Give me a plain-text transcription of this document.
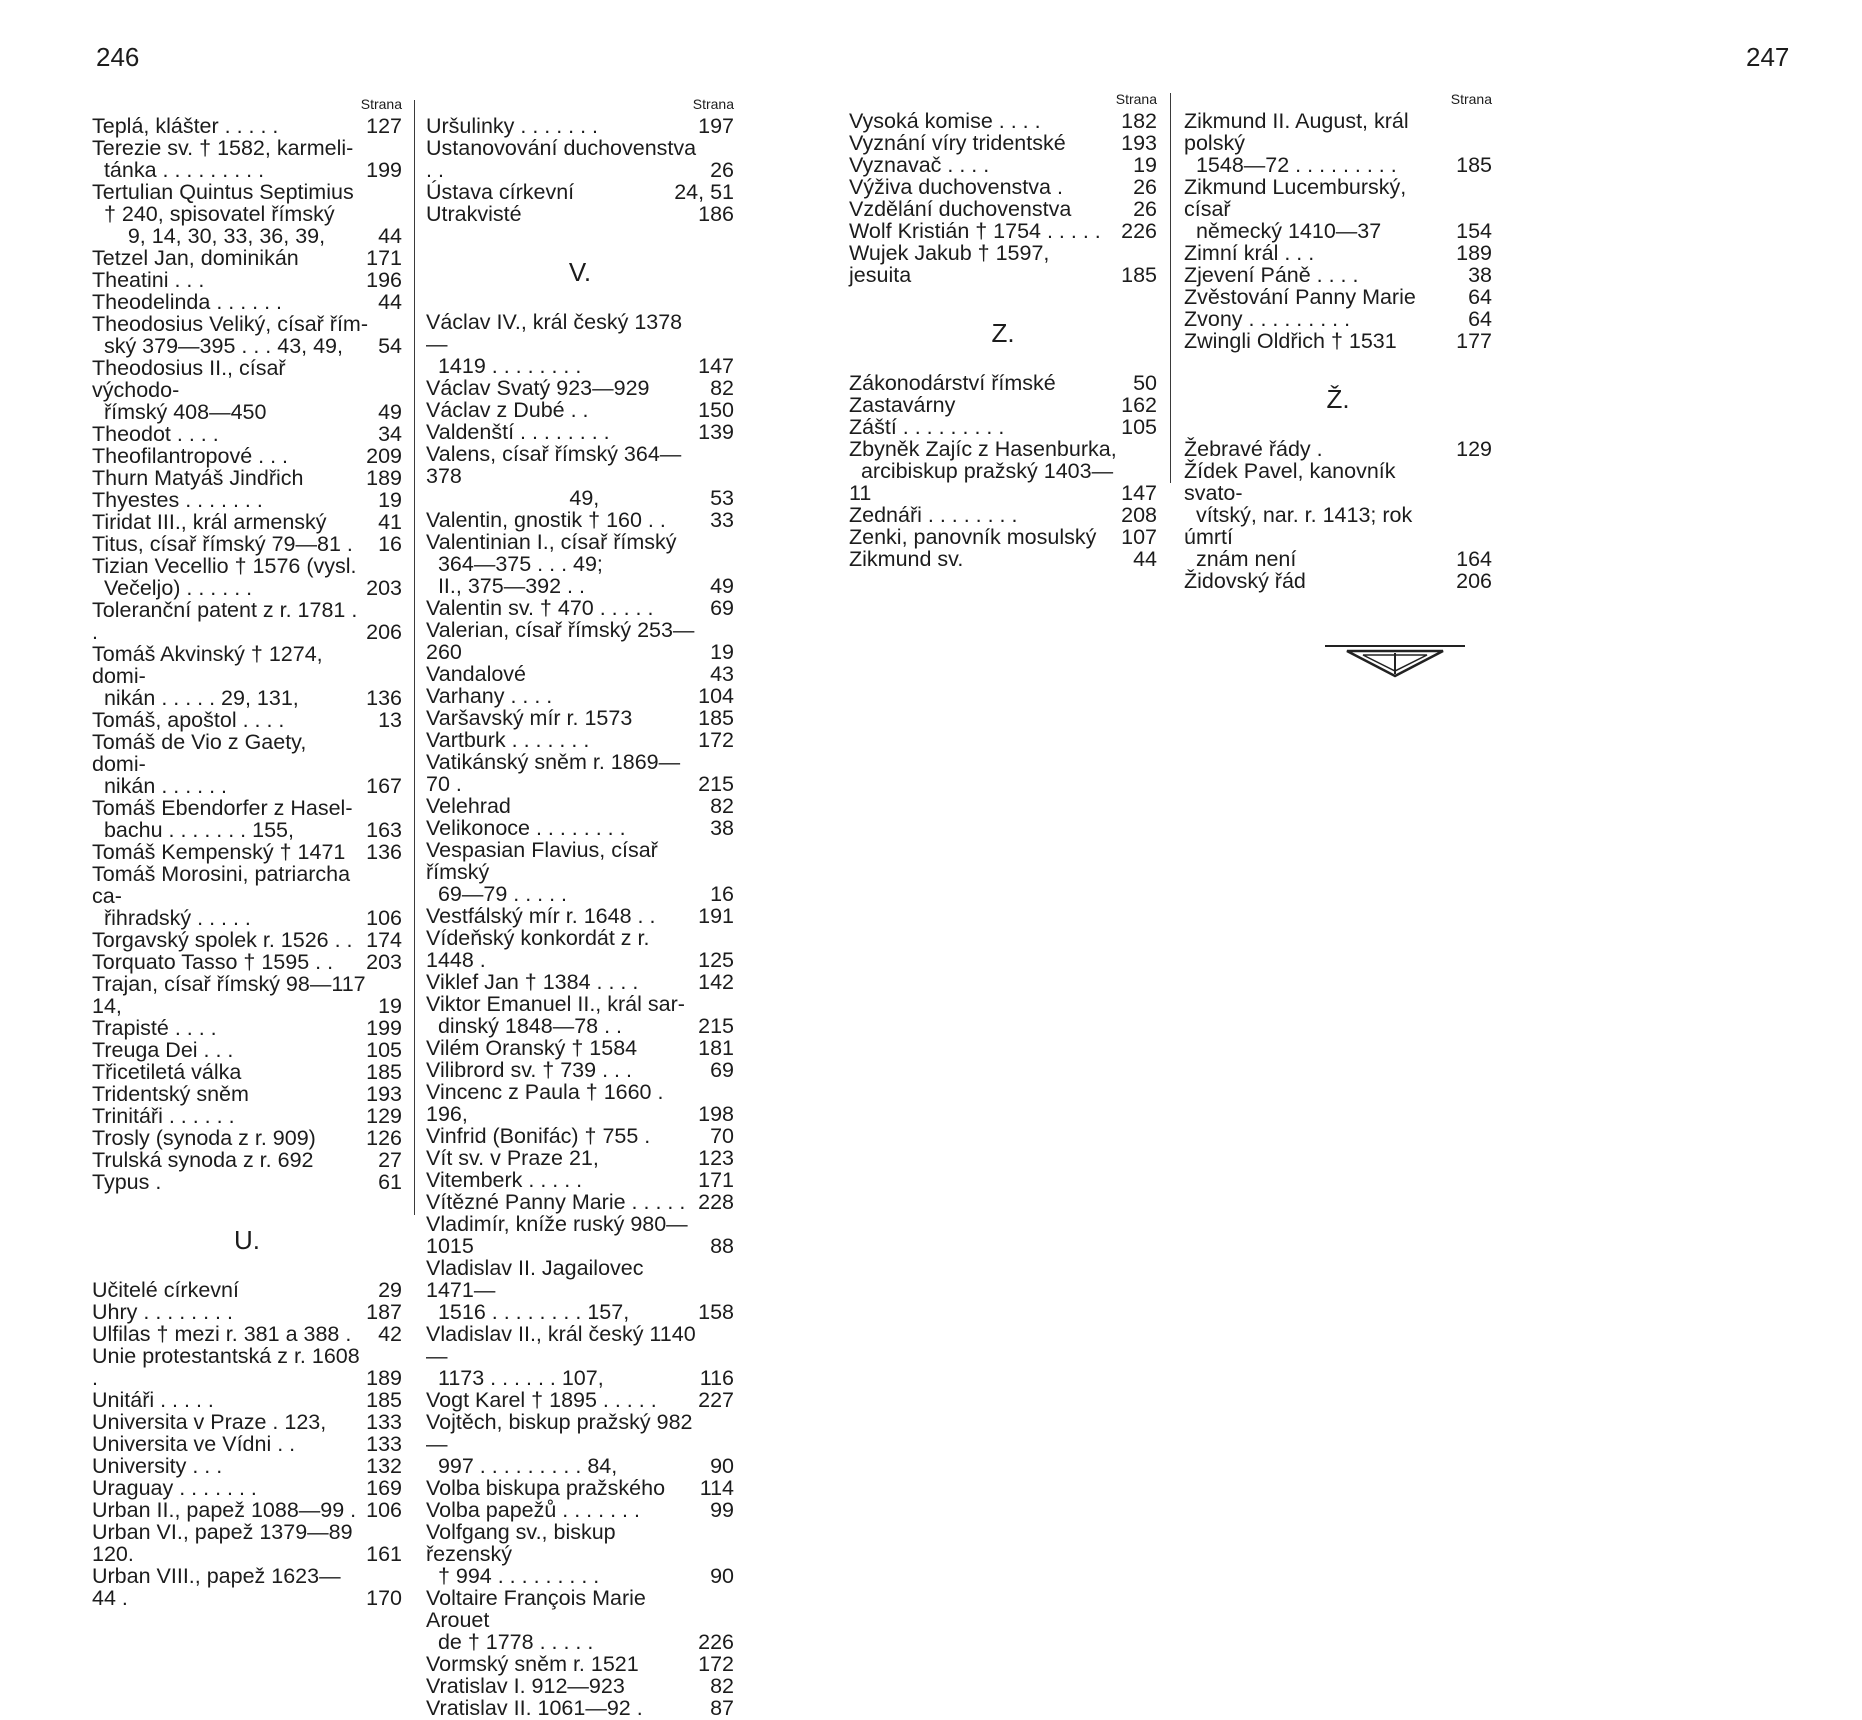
246	247
Strana
Teplá, klášter . . . . .	127
Terezie sv. † 1582, karmeli-
tánka . . . . . . . . .	199
Tertulian Quintus Septimius
† 240, spisovatel římský
9, 14, 30, 33, 36, 39,	44
Tetzel Jan, dominikán	171
Theatini . . .	196
Theodelinda . . . . . .	44
Theodosius Veliký, císař řím-
ský 379—395 . . . 43, 49,	54
Theodosius II., císař východo-
římský 408—450	49
Theodot . . . .	34
Theofilantropové . . .	209
Thurn Matyáš Jindřich	189
Thyestes . . . . . . .	19
Tiridat III., král armenský	41
Titus, císař římský 79—81 .	16
Tizian Vecellio † 1576 (vysl.
Večeljo) . . . . . .	203
Toleranční patent z r. 1781 . .	206
Tomáš Akvinský † 1274, domi-
nikán . . . . . 29, 131,	136
Tomáš, apoštol . . . .	13
Tomáš de Vio z Gaety, domi-
nikán . . . . . .	167
Tomáš Ebendorfer z Hasel-
bachu . . . . . . . 155,	163
Tomáš Kempenský † 1471 136
Tomáš Morosini, patriarcha ca-
řihradský . . . . .	106
Torgavský spolek r. 1526 . . 174
Torquato Tasso † 1595 . .	203
Trajan, císař římský 98—117 14,	19
Trapisté . . . .	199
Treuga Dei . . .	105
Třicetiletá válka	185
Tridentský sněm	193
Trinitáři . . . . . .	129
Trosly (synoda z r. 909)	126
Trulská synoda z r. 692	27
Typus .	61
U.
Učitelé církevní	29
Uhry . . . . . . . .	187
Ulfilas † mezi r. 381 a 388 .	42
Unie protestantská z r. 1608 .	189
Unitáři . . . . .	185
Universita v Praze . 123,	133
Universita ve Vídni . .	133
University . . .	132
Uraguay . . . . . . .	169
Urban II., papež 1088—99 . 106
Urban VI., papež 1379—89 120.	161
Urban VIII., papež 1623—44 .	170
Strana
Uršulinky . . . . . . .	197
Ustanovování duchovenstva . .	26
Ústava církevní	24, 51
Utrakvisté	186
V.
Václav IV., král český 1378—
1419 . . . . . . . .	147
Václav Svatý 923—929	82
Václav z Dubé . .	150
Valdenští . . . . . . . .	139
Valens, císař římský 364—378
49,	53
Valentin, gnostik † 160 . .	33
Valentinian I., císař římský
364—375 . . . 49;
II., 375—392 . .	49
Valentin sv. † 470 . . . . .	69
Valerian, císař římský 253—260	19
Vandalové	43
Varhany . . . .	104
Varšavský mír r. 1573	185
Vartburk . . . . . . .	172
Vatikánský sněm r. 1869—70 .	215
Velehrad	82
Velikonoce . . . . . . . .	38
Vespasian Flavius, císař římský
69—79 . . . . .	16
Vestfálský mír r. 1648 . .	191
Vídeňský konkordát z r. 1448 .	125
Viklef Jan † 1384 . . . .	142
Viktor Emanuel II., král sar-
dinský 1848—78 . .	215
Vilém Oranský † 1584	181
Vilibrord sv. † 739 . . .	69
Vincenc z Paula † 1660 . 196,	198
Vinfrid (Bonifác) † 755 .	70
Vít sv. v Praze 21,	123
Vitemberk . . . . .	171
Vítězné Panny Marie . . . . . 228
Vladimír, kníže ruský 980—1015	88
Vladislav II. Jagailovec 1471—
1516 . . . . . . . . 157,	158
Vladislav II., král český 1140—
1173 . . . . . . 107,	116
Vogt Karel † 1895 . . . . .	227
Vojtěch, biskup pražský 982—
997 . . . . . . . . . 84,	90
Volba biskupa pražského	114
Volba papežů . . . . . . .	99
Volfgang sv., biskup řezenský
† 994 . . . . . . . . .	90
Voltaire François Marie Arouet
de † 1778 . . . . .	226
Vormský sněm r. 1521	172
Vratislav I. 912—923	82
Vratislav II. 1061—92 .	87
Strana
Vysoká komise . . . .	182
Vyznání víry tridentské	193
Vyznavač . . . .	19
Výživa duchovenstva .	26
Vzdělání duchovenstva	26
Wolf Kristián † 1754 . . . . . 226
Wujek Jakub † 1597, jesuita	185
Z.
Zákonodárství římské	50
Zastavárny	162
Záští . . . . . . . . .	105
Zbyněk Zajíc z Hasenburka,
arcibiskup pražský 1403—11	147
Zednáři . . . . . . . .	208
Zenki, panovník mosulský	107
Zikmund sv.	44
Strana
Zikmund II. August, král polský
1548—72 . . . . . . . . .	185
Zikmund Lucemburský, císař
německý 1410—37	154
Zimní král . . .	189
Zjevení Páně . . . .	38
Zvěstování Panny Marie	64
Zvony . . . . . . . . .	64
Zwingli Oldřich † 1531	177
Ž.
Žebravé řády .	129
Žídek Pavel, kanovník svato-
vítský, nar. r. 1413; rok úmrtí
znám není	164
Židovský řád	206
